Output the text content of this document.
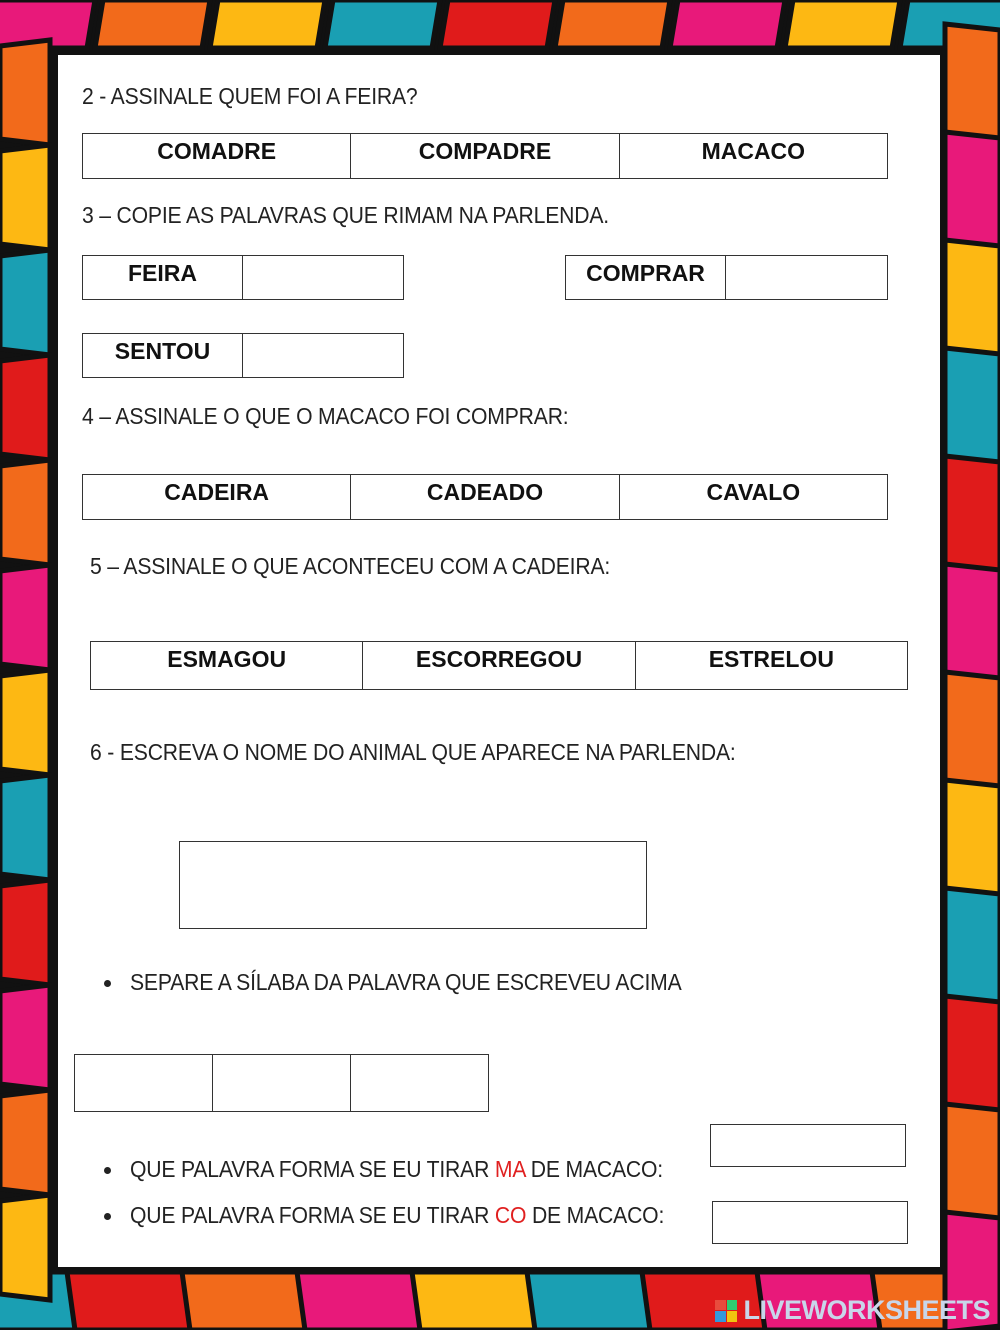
2 - ASSINALE QUEM FOI A FEIRA?
COMADRE	COMPADRE	MACACO
3 – COPIE AS PALAVRAS QUE RIMAM NA PARLENDA.
FEIRA	COMPRAR
SENTOU
4 – ASSINALE O QUE O MACACO FOI COMPRAR:
CADEIRA	CADEADO	CAVALO
5 – ASSINALE O QUE ACONTECEU COM A CADEIRA:
ESMAGOU	ESCORREGOU	ESTRELOU
6 - ESCREVA O NOME DO ANIMAL QUE APARECE NA PARLENDA:
SEPARE A SÍLABA DA PALAVRA QUE ESCREVEU ACIMA
QUE PALAVRA FORMA SE EU TIRAR MA DE MACACO:
QUE PALAVRA FORMA SE EU TIRAR CO DE MACACO:
LIVEWORKSHEETS
